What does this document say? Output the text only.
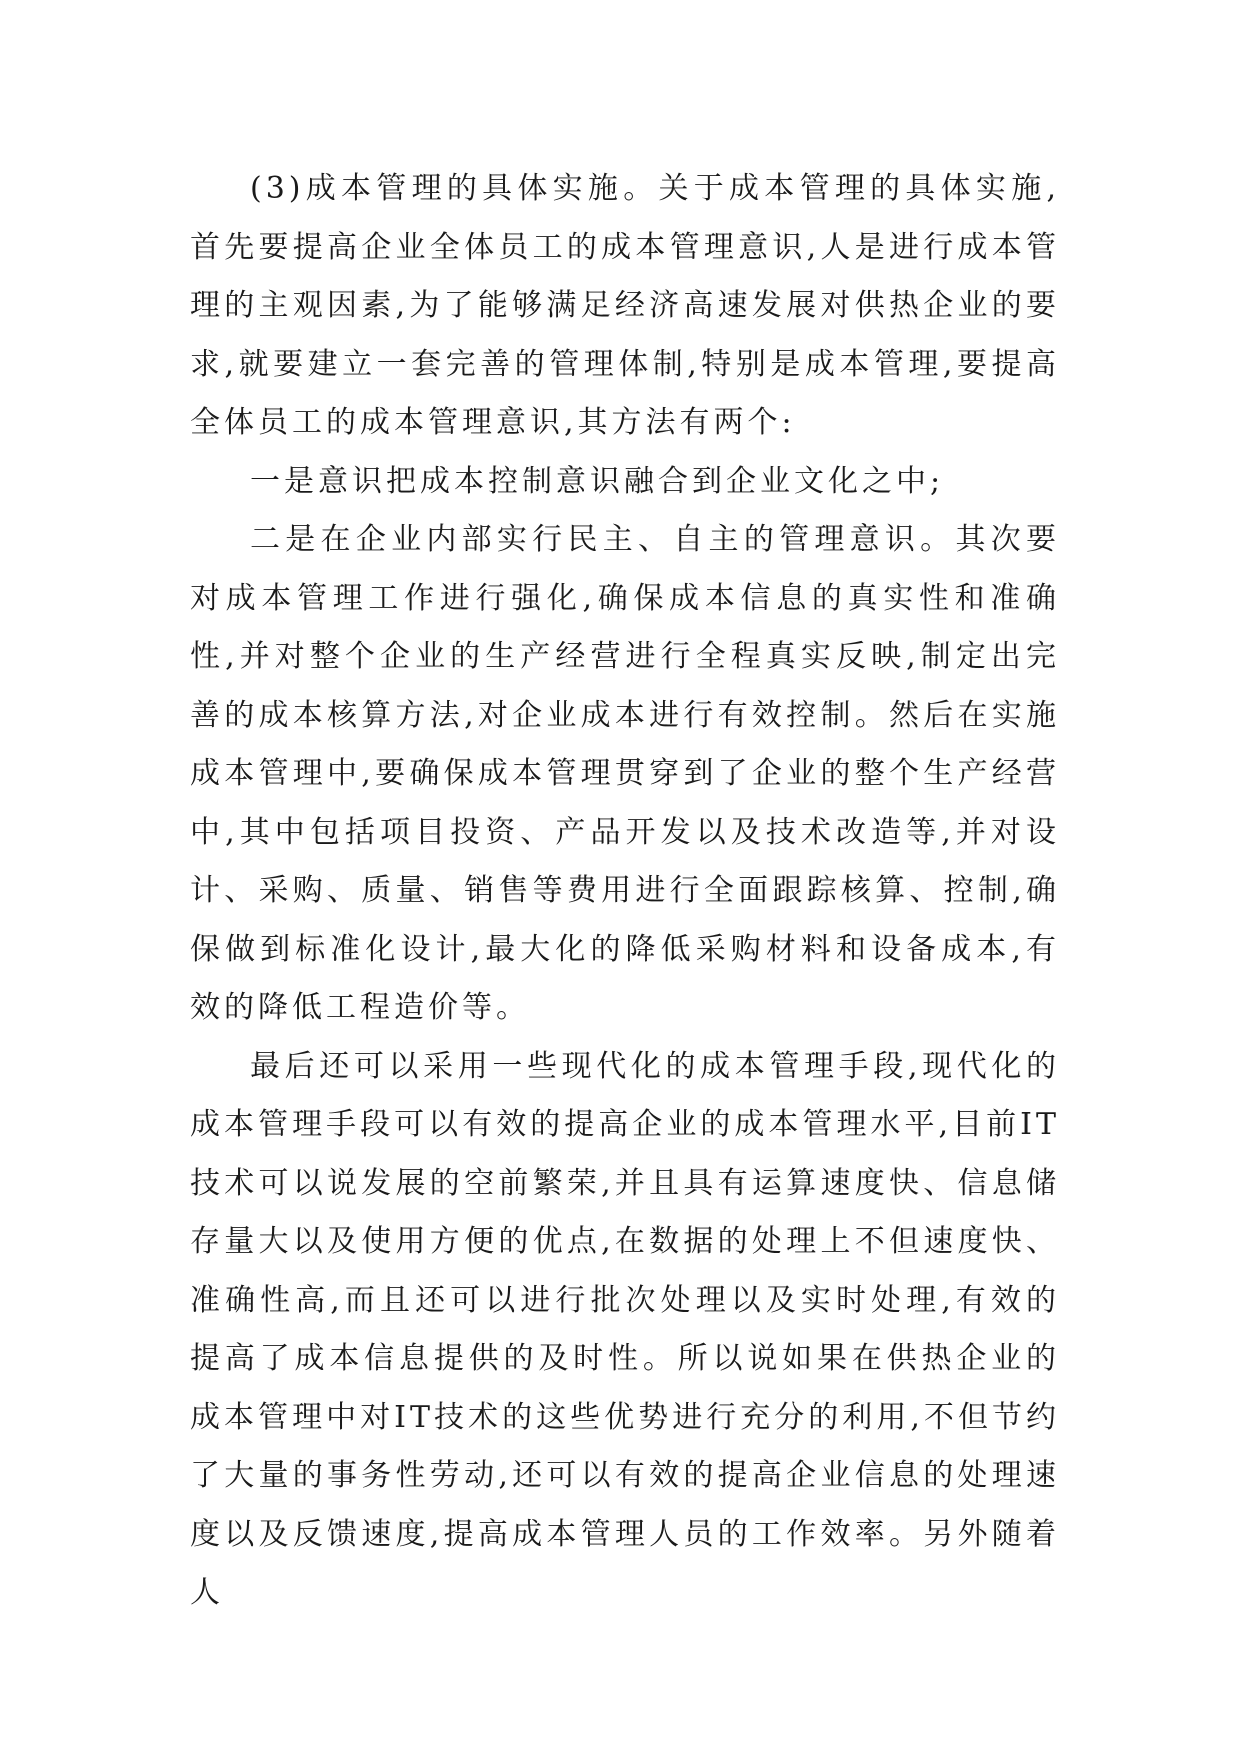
(3)成本管理的具体实施。关于成本管理的具体实施,首先要提高企业全体员工的成本管理意识,人是进行成本管理的主观因素,为了能够满足经济高速发展对供热企业的要求,就要建立一套完善的管理体制,特别是成本管理,要提高全体员工的成本管理意识,其方法有两个:

一是意识把成本控制意识融合到企业文化之中;

二是在企业内部实行民主、自主的管理意识。其次要对成本管理工作进行强化,确保成本信息的真实性和准确性,并对整个企业的生产经营进行全程真实反映,制定出完善的成本核算方法,对企业成本进行有效控制。然后在实施成本管理中,要确保成本管理贯穿到了企业的整个生产经营中,其中包括项目投资、产品开发以及技术改造等,并对设计、采购、质量、销售等费用进行全面跟踪核算、控制,确保做到标准化设计,最大化的降低采购材料和设备成本,有效的降低工程造价等。

最后还可以采用一些现代化的成本管理手段,现代化的成本管理手段可以有效的提高企业的成本管理水平,目前IT技术可以说发展的空前繁荣,并且具有运算速度快、信息储存量大以及使用方便的优点,在数据的处理上不但速度快、准确性高,而且还可以进行批次处理以及实时处理,有效的提高了成本信息提供的及时性。所以说如果在供热企业的成本管理中对IT技术的这些优势进行充分的利用,不但节约了大量的事务性劳动,还可以有效的提高企业信息的处理速度以及反馈速度,提高成本管理人员的工作效率。另外随着人
